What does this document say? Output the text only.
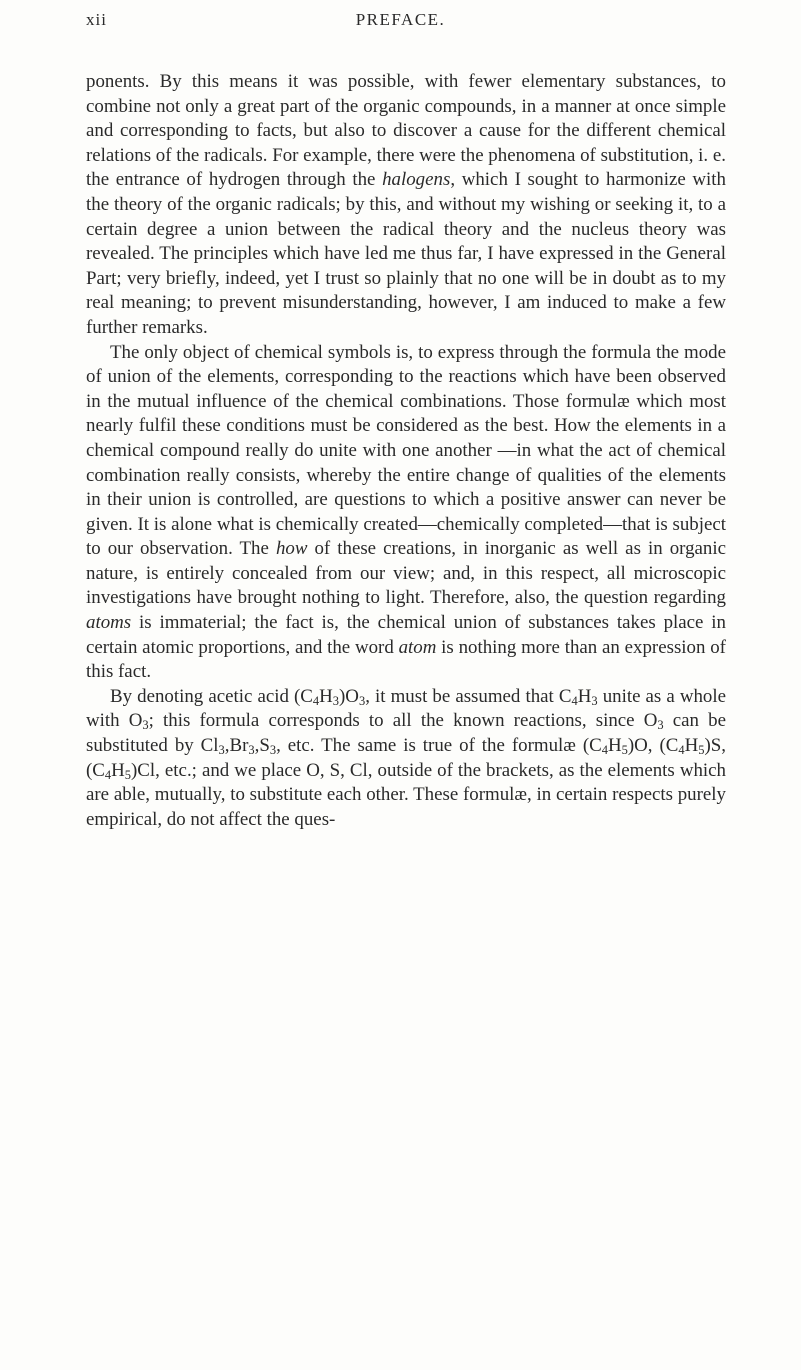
xii	PREFACE.

ponents. By this means it was possible, with fewer elementary substances, to combine not only a great part of the organic compounds, in a manner at once simple and corresponding to facts, but also to discover a cause for the different chemical relations of the radicals. For example, there were the phenomena of substitution, i. e. the entrance of hydrogen through the halogens, which I sought to harmonize with the theory of the organic radicals; by this, and without my wishing or seeking it, to a certain degree a union between the radical theory and the nucleus theory was revealed. The principles which have led me thus far, I have expressed in the General Part; very briefly, indeed, yet I trust so plainly that no one will be in doubt as to my real meaning; to prevent misunderstanding, however, I am induced to make a few further remarks.

The only object of chemical symbols is, to express through the formula the mode of union of the elements, corresponding to the reactions which have been observed in the mutual influence of the chemical combinations. Those formulæ which most nearly fulfil these conditions must be considered as the best. How the elements in a chemical compound really do unite with one another —in what the act of chemical combination really consists, whereby the entire change of qualities of the elements in their union is controlled, are questions to which a positive answer can never be given. It is alone what is chemically created—chemically completed—that is subject to our observation. The how of these creations, in inorganic as well as in organic nature, is entirely concealed from our view; and, in this respect, all microscopic investigations have brought nothing to light. Therefore, also, the question regarding atoms is immaterial; the fact is, the chemical union of substances takes place in certain atomic proportions, and the word atom is nothing more than an expression of this fact.

By denoting acetic acid $(C_4H_3)O_3$, it must be assumed that $C_4H_3$ unite as a whole with $O_3$; this formula corresponds to all the known reactions, since $O_3$ can be substituted by $Cl_3,Br_3,S_3$, etc. The same is true of the formulæ $(C_4H_5)O$, $(C_4H_5)S$, $(C_4H_5)Cl$, etc.; and we place O, S, Cl, outside of the brackets, as the elements which are able, mutually, to substitute each other. These formulæ, in certain respects purely empirical, do not affect the ques-
